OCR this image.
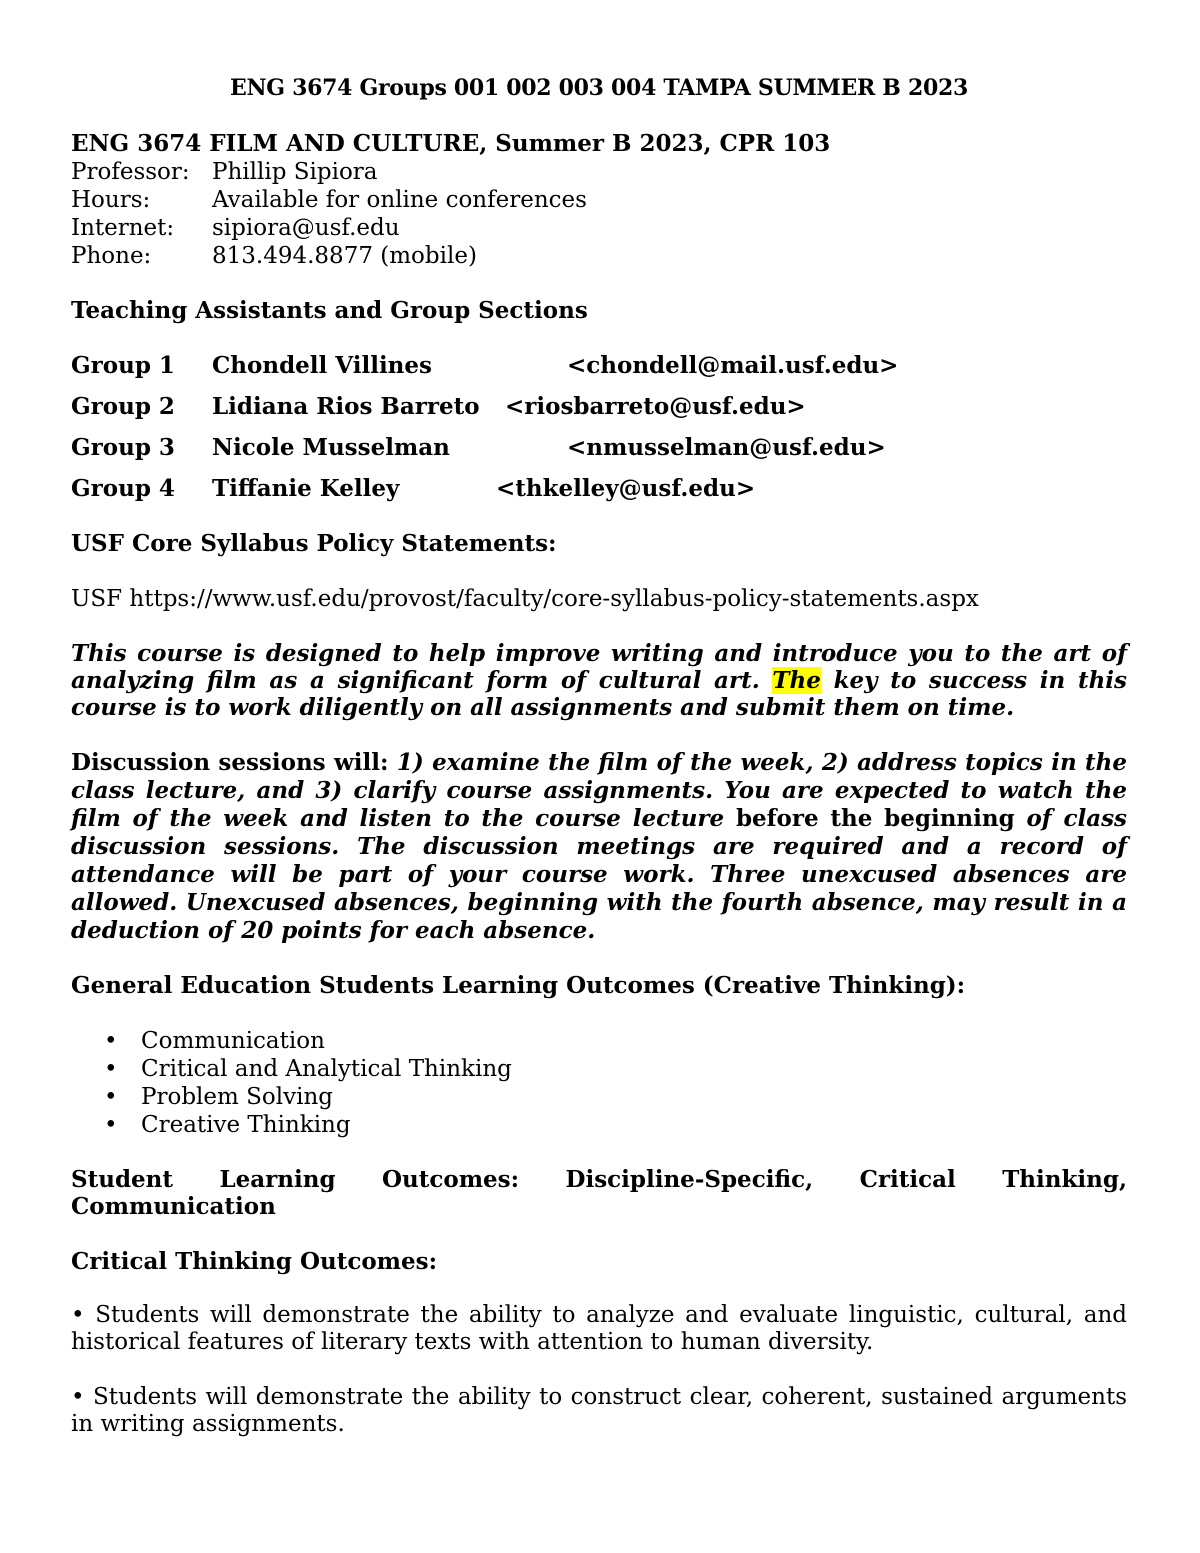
ENG 3674 Groups 001 002 003 004 TAMPA SUMMER B 2023

ENG 3674 FILM AND CULTURE, Summer B 2023, CPR 103

Professor: Phillip Sipiora
Hours:	Available for online conferences
Internet:	sipiora@usf.edu
Phone:	813.494.8877 (mobile)

Teaching Assistants and Group Sections

Group 1 Chondell Villines	<chondell@mail.usf.edu>
Group 2 Lidiana Rios Barreto <riosbarreto@usf.edu>
Group 3 Nicole Musselman	<nmusselman@usf.edu>
Group 4 Tiffanie Kelley	<thkelley@usf.edu>

USF Core Syllabus Policy Statements:

USF https://www.usf.edu/provost/faculty/core-syllabus-policy-statements.aspx

This course is designed to help improve writing and introduce you to the art of analyzing film as a significant form of cultural art. The key to success in this course is to work diligently on all assignments and submit them on time.

Discussion sessions will: 1) examine the film of the week, 2) address topics in the class lecture, and 3) clarify course assignments. You are expected to watch the film of the week and listen to the course lecture before the beginning of class discussion sessions. The discussion meetings are required and a record of attendance will be part of your course work. Three unexcused absences are allowed. Unexcused absences, beginning with the fourth absence, may result in a deduction of 20 points for each absence.

General Education Students Learning Outcomes (Creative Thinking):

• Communication
• Critical and Analytical Thinking
• Problem Solving
• Creative Thinking
Student Learning Outcomes: Discipline-Specific, Critical Thinking,
Communication

Critical Thinking Outcomes:

• Students will demonstrate the ability to analyze and evaluate linguistic, cultural, and historical features of literary texts with attention to human diversity.

• Students will demonstrate the ability to construct clear, coherent, sustained arguments in writing assignments.
